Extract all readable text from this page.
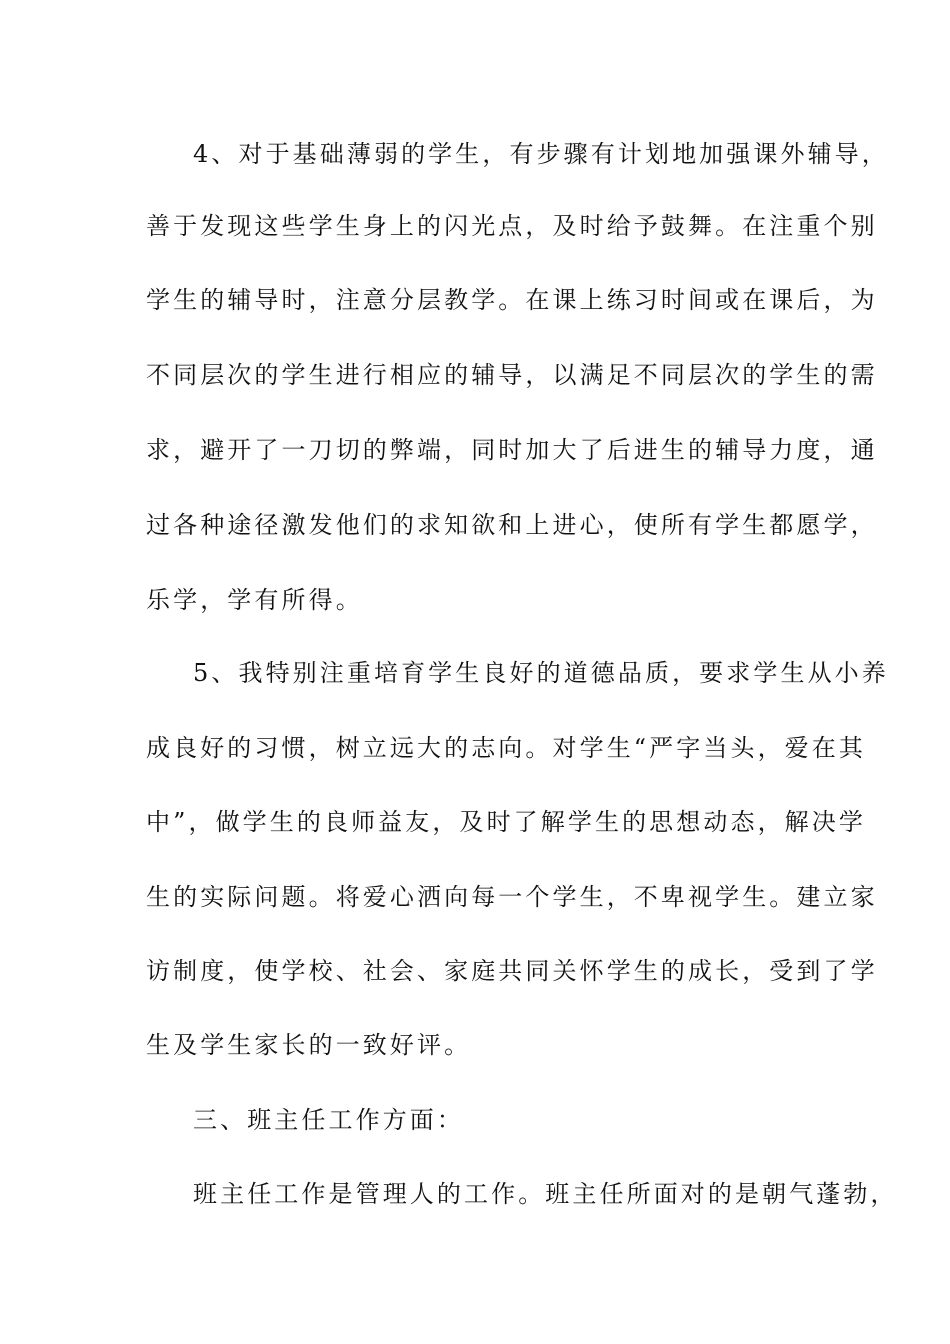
4、对于基础薄弱的学生，有步骤有计划地加强课外辅导，
善于发现这些学生身上的闪光点，及时给予鼓舞。在注重个别
学生的辅导时，注意分层教学。在课上练习时间或在课后，为
不同层次的学生进行相应的辅导，以满足不同层次的学生的需
求，避开了一刀切的弊端，同时加大了后进生的辅导力度，通
过各种途径激发他们的求知欲和上进心，使所有学生都愿学，
乐学，学有所得。
5、我特别注重培育学生良好的道德品质，要求学生从小养
成良好的习惯，树立远大的志向。对学生“严字当头，爱在其
中”，做学生的良师益友，及时了解学生的思想动态，解决学
生的实际问题。将爱心洒向每一个学生，不卑视学生。建立家
访制度，使学校、社会、家庭共同关怀学生的成长，受到了学
生及学生家长的一致好评。
三、班主任工作方面：
班主任工作是管理人的工作。班主任所面对的是朝气蓬勃，
